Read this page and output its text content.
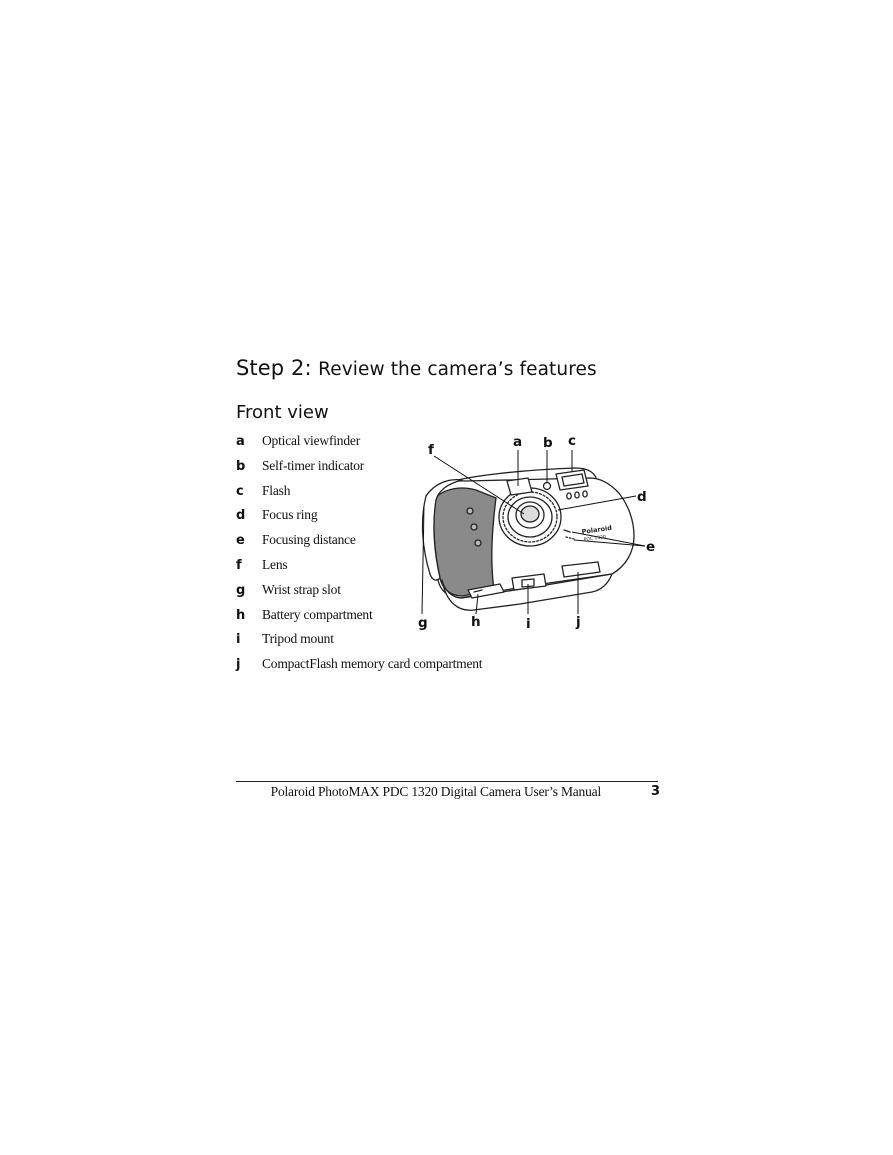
Step 2: Review the camera’s features
Front view
a	Optical viewfinder
b	Self-timer indicator
c	Flash
d	Focus ring
e	Focusing distance
f	Lens
g	Wrist strap slot
h	Battery compartment
i	Tripod mount
j	CompactFlash memory card compartment
Polaroid
PDC 1320
a b c
d
e
f
g	h	i	j
Polaroid PhotoMAX PDC 1320 Digital Camera User’s Manual	3
